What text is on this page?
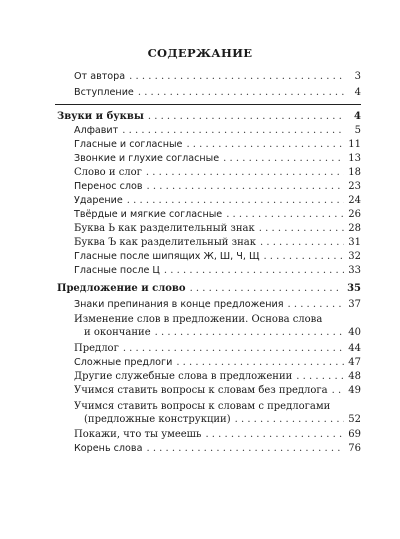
СОДЕРЖАНИЕ
От автора . . .	3
Вступление . . .	4
Звуки и буквы . . .	4
Алфавит . . .	5
Гласные и согласные . . .	11
Звонкие и глухие согласные . . .	13
Слово и слог . . .	18
Перенос слов . . .	23
Ударение . . .	24
Твёрдые и мягкие согласные . . .	26
Буква Ь как разделительный знак . . .	28
Буква Ъ как разделительный знак . . .	31
Гласные после шипящих Ж, Ш, Ч, Щ . . .	32
Гласные после Ц . . .	33
Предложение и слово . . .	35
Знаки препинания в конце предложения . . .	37
Изменение слов в предложении. Основа слова
и окончание . . .	40
Предлог . . .	44
Сложные предлоги . . .	47
Другие служебные слова в предложении . . .	48
Учимся ставить вопросы к словам без предлога . . . 49
Учимся ставить вопросы к словам с предлогами
(предложные конструкции) . . .	52
Покажи, что ты умеешь . . .	69
Корень слова . . .	76
